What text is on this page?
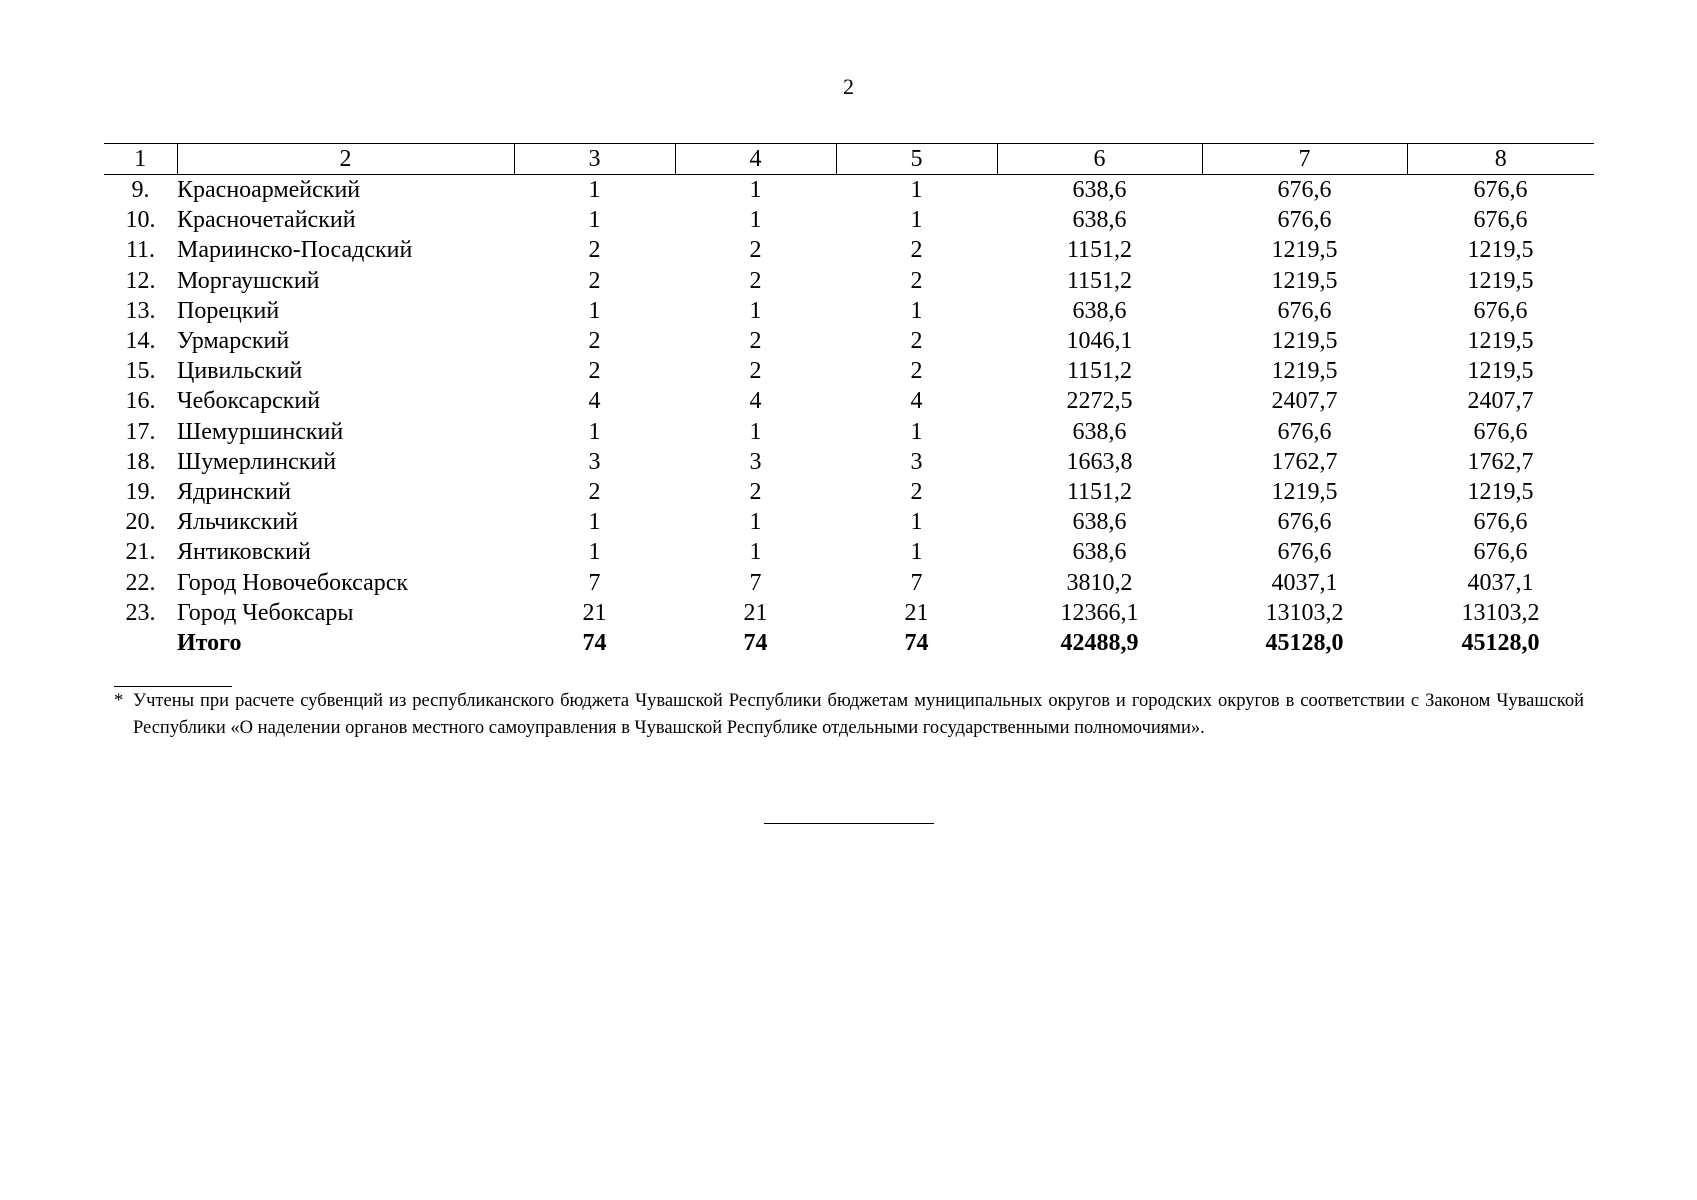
2
1	2	3	4	5	6	7	8
9.	Красноармейский	1	1	1	638,6	676,6	676,6
10.	Красночетайский	1	1	1	638,6	676,6	676,6
11.	Мариинско-Посадский	2	2	2	1151,2	1219,5	1219,5
12.	Моргаушский	2	2	2	1151,2	1219,5	1219,5
13.	Порецкий	1	1	1	638,6	676,6	676,6
14.	Урмарский	2	2	2	1046,1	1219,5	1219,5
15.	Цивильский	2	2	2	1151,2	1219,5	1219,5
16.	Чебоксарский	4	4	4	2272,5	2407,7	2407,7
17.	Шемуршинский	1	1	1	638,6	676,6	676,6
18.	Шумерлинский	3	3	3	1663,8	1762,7	1762,7
19.	Ядринский	2	2	2	1151,2	1219,5	1219,5
20.	Яльчикский	1	1	1	638,6	676,6	676,6
21.	Янтиковский	1	1	1	638,6	676,6	676,6
22.	Город Новочебоксарск	7	7	7	3810,2	4037,1	4037,1
23.	Город Чебоксары	21	21	21	12366,1	13103,2	13103,2
	Итого	74	74	74	42488,9	45128,0	45128,0
* Учтены при расчете субвенций из республиканского бюджета Чувашской Республики бюджетам муниципальных округов и городских округов в соответствии с Законом Чувашской Республики «О наделении органов местного самоуправления в Чувашской Республике отдельными государственными полномочиями».
